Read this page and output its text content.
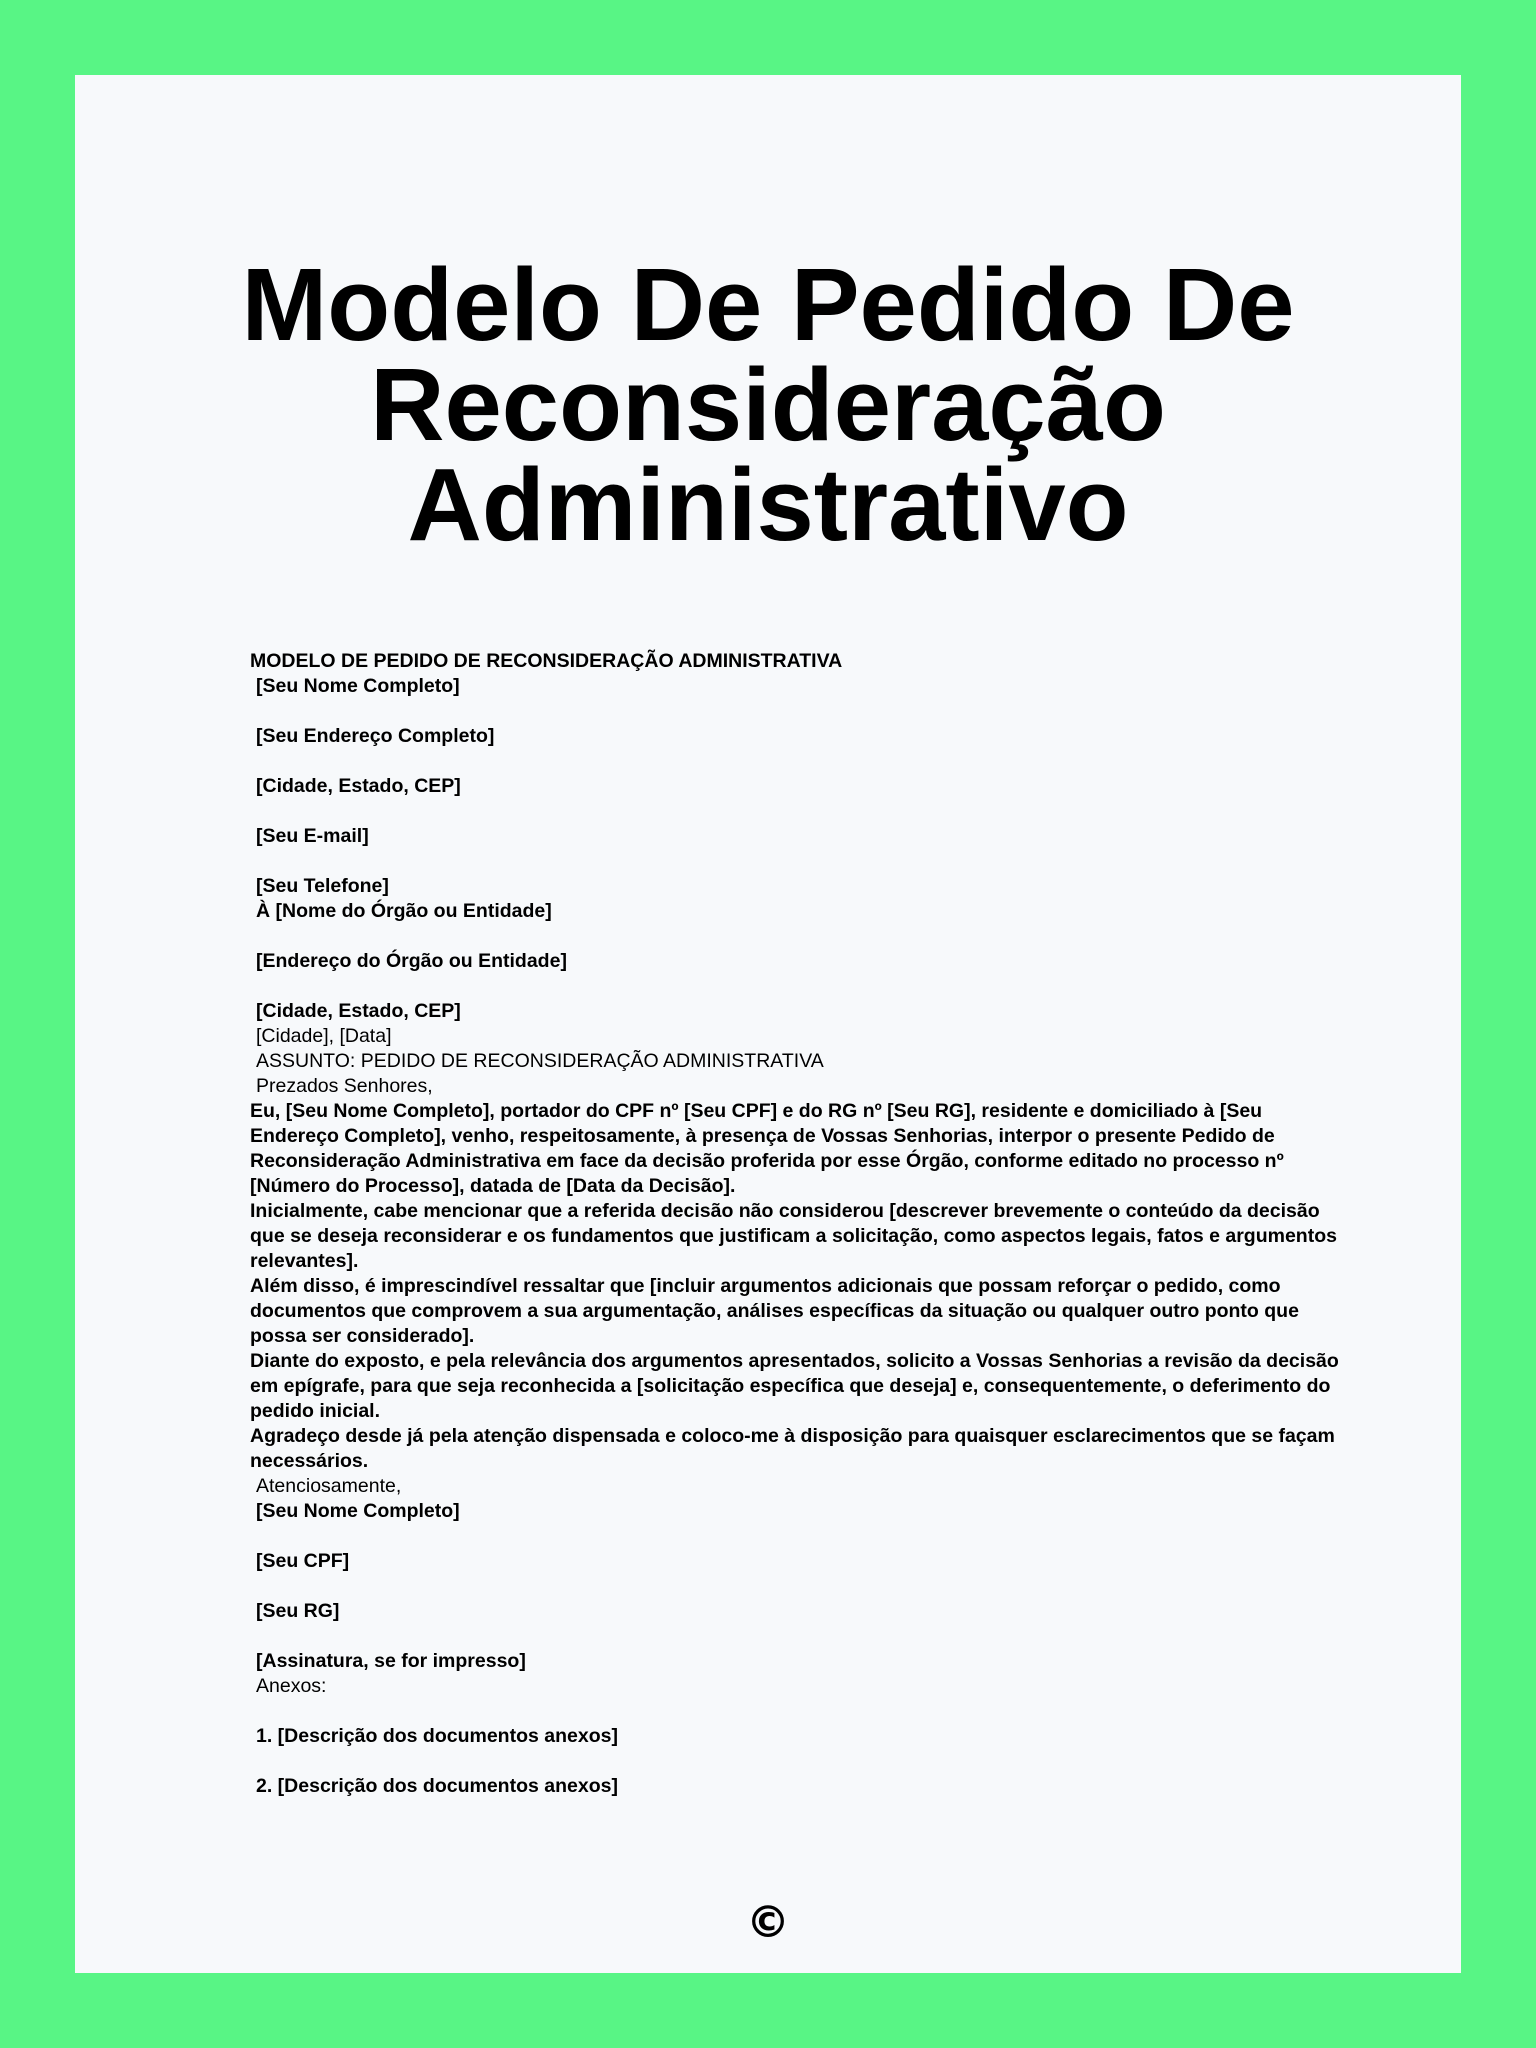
Modelo De Pedido De
Reconsideração
Administrativo
MODELO DE PEDIDO DE RECONSIDERAÇÃO ADMINISTRATIVA
[Seu Nome Completo]
[Seu Endereço Completo]
[Cidade, Estado, CEP]
[Seu E-mail]
[Seu Telefone]
À [Nome do Órgão ou Entidade]
[Endereço do Órgão ou Entidade]
[Cidade, Estado, CEP]
[Cidade], [Data]
ASSUNTO: PEDIDO DE RECONSIDERAÇÃO ADMINISTRATIVA
Prezados Senhores,
Eu, [Seu Nome Completo], portador do CPF nº [Seu CPF] e do RG nº [Seu RG], residente e domiciliado à [Seu Endereço Completo], venho, respeitosamente, à presença de Vossas Senhorias, interpor o presente Pedido de Reconsideração Administrativa em face da decisão proferida por esse Órgão, conforme editado no processo nº [Número do Processo], datada de [Data da Decisão].
Inicialmente, cabe mencionar que a referida decisão não considerou [descrever brevemente o conteúdo da decisão que se deseja reconsiderar e os fundamentos que justificam a solicitação, como aspectos legais, fatos e argumentos relevantes].
Além disso, é imprescindível ressaltar que [incluir argumentos adicionais que possam reforçar o pedido, como documentos que comprovem a sua argumentação, análises específicas da situação ou qualquer outro ponto que possa ser considerado].
Diante do exposto, e pela relevância dos argumentos apresentados, solicito a Vossas Senhorias a revisão da decisão em epígrafe, para que seja reconhecida a [solicitação específica que deseja] e, consequentemente, o deferimento do pedido inicial.
Agradeço desde já pela atenção dispensada e coloco-me à disposição para quaisquer esclarecimentos que se façam necessários.
Atenciosamente,
[Seu Nome Completo]
[Seu CPF]
[Seu RG]
[Assinatura, se for impresso]
Anexos:
1. [Descrição dos documentos anexos]
2. [Descrição dos documentos anexos]
©
